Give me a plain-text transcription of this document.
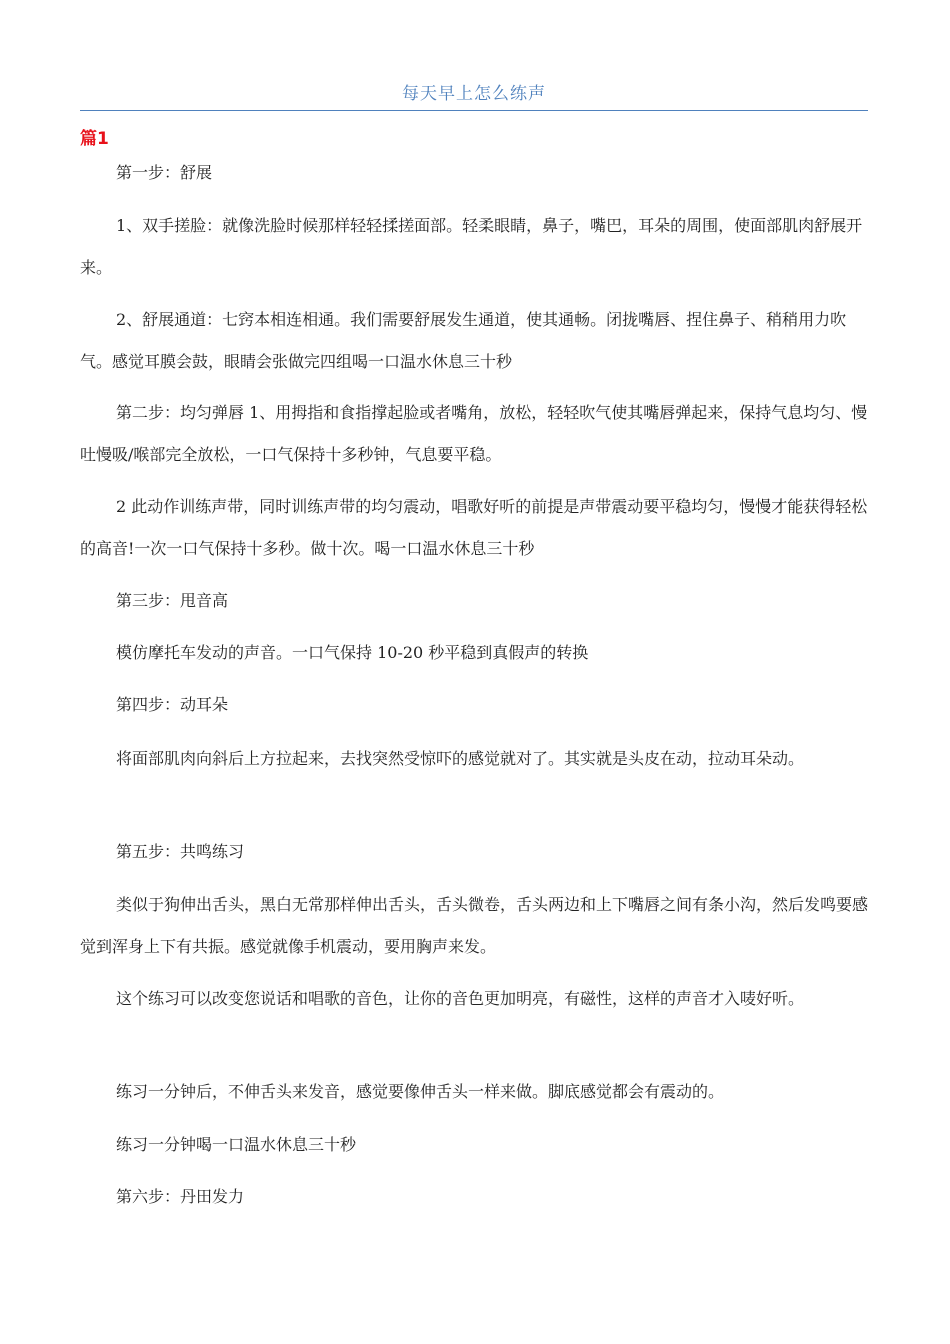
每天早上怎么练声
篇1

第一步：舒展

1、双手搓脸：就像洗脸时候那样轻轻揉搓面部。轻柔眼睛，鼻子，嘴巴，耳朵的周围，使面部肌肉舒展开来。

2、舒展通道：七窍本相连相通。我们需要舒展发生通道，使其通畅。闭拢嘴唇、捏住鼻子、稍稍用力吹气。感觉耳膜会鼓，眼睛会张做完四组喝一口温水休息三十秒

第二步：均匀弹唇 1、用拇指和食指撑起脸或者嘴角，放松，轻轻吹气使其嘴唇弹起来，保持气息均匀、慢吐慢吸/喉部完全放松，一口气保持十多秒钟，气息要平稳。

2 此动作训练声带，同时训练声带的均匀震动，唱歌好听的前提是声带震动要平稳均匀，慢慢才能获得轻松的高音!一次一口气保持十多秒。做十次。喝一口温水休息三十秒

第三步：甩音高

模仿摩托车发动的声音。一口气保持 10-20 秒平稳到真假声的转换

第四步：动耳朵

将面部肌肉向斜后上方拉起来，去找突然受惊吓的感觉就对了。其实就是头皮在动，拉动耳朵动。

第五步：共鸣练习

类似于狗伸出舌头，黑白无常那样伸出舌头，舌头微卷，舌头两边和上下嘴唇之间有条小沟，然后发鸣要感觉到浑身上下有共振。感觉就像手机震动，要用胸声来发。

这个练习可以改变您说话和唱歌的音色，让你的音色更加明亮，有磁性，这样的声音才入唛好听。

练习一分钟后，不伸舌头来发音，感觉要像伸舌头一样来做。脚底感觉都会有震动的。

练习一分钟喝一口温水休息三十秒

第六步：丹田发力
